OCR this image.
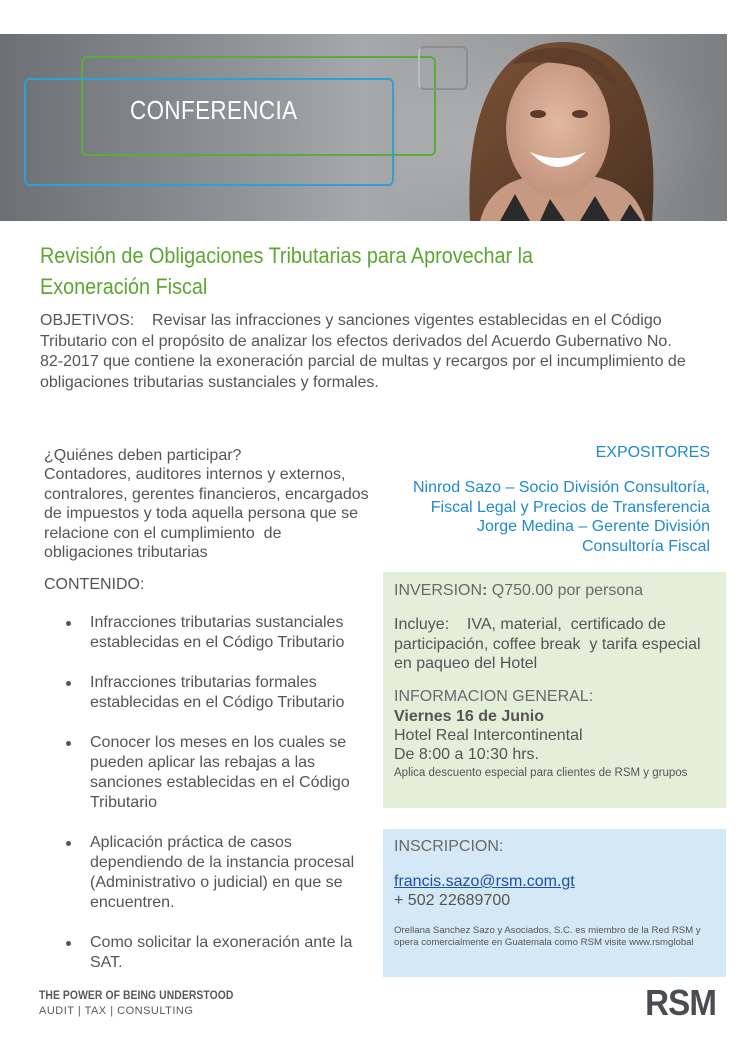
CONFERENCIA
Revisión de Obligaciones Tributarias para Aprovechar la Exoneración Fiscal

OBJETIVOS:    Revisar las infracciones y sanciones vigentes establecidas en el Código        Tributario con el propósito de analizar los efectos derivados del Acuerdo Gubernativo No. 82-2017 que contiene la exoneración parcial de multas y recargos por el incumplimiento de obligaciones tributarias sustanciales y formales.

¿Quiénes deben participar?
Contadores, auditores internos y externos, contralores, gerentes financieros, encargados de impuestos y toda aquella persona que se relacione con el cumplimiento  de obligaciones tributarias
CONTENIDO:
Infracciones tributarias sustanciales establecidas en el Código Tributario
Infracciones tributarias formales establecidas en el Código Tributario
Conocer los meses en los cuales se pueden aplicar las rebajas a las sanciones establecidas en el Código Tributario
Aplicación práctica de casos dependiendo de la instancia procesal (Administrativo o judicial) en que se encuentren.
Como solicitar la exoneración ante la SAT.
EXPOSITORES
Ninrod Sazo – Socio División Consultoría,
Fiscal Legal y Precios de Transferencia
Jorge Medina – Gerente División
Consultoría Fiscal
INVERSION: Q750.00 por persona
Incluye:    IVA, material,  certificado de participación, coffee break  y tarifa especial en paqueo del Hotel
INFORMACION GENERAL:
Viernes 16 de Junio
Hotel Real Intercontinental
De 8:00 a 10:30 hrs.
Aplica descuento especial para clientes de RSM y grupos
INSCRIPCION:
francis.sazo@rsm.com.gt
+ 502 22689700
Orellana Sanchez Sazo y Asociados, S.C. es miembro de la Red RSM y opera comercialmente en Guatemala como RSM visite www.rsmglobal
THE POWER OF BEING UNDERSTOOD
AUDIT | TAX | CONSULTING	RSM
